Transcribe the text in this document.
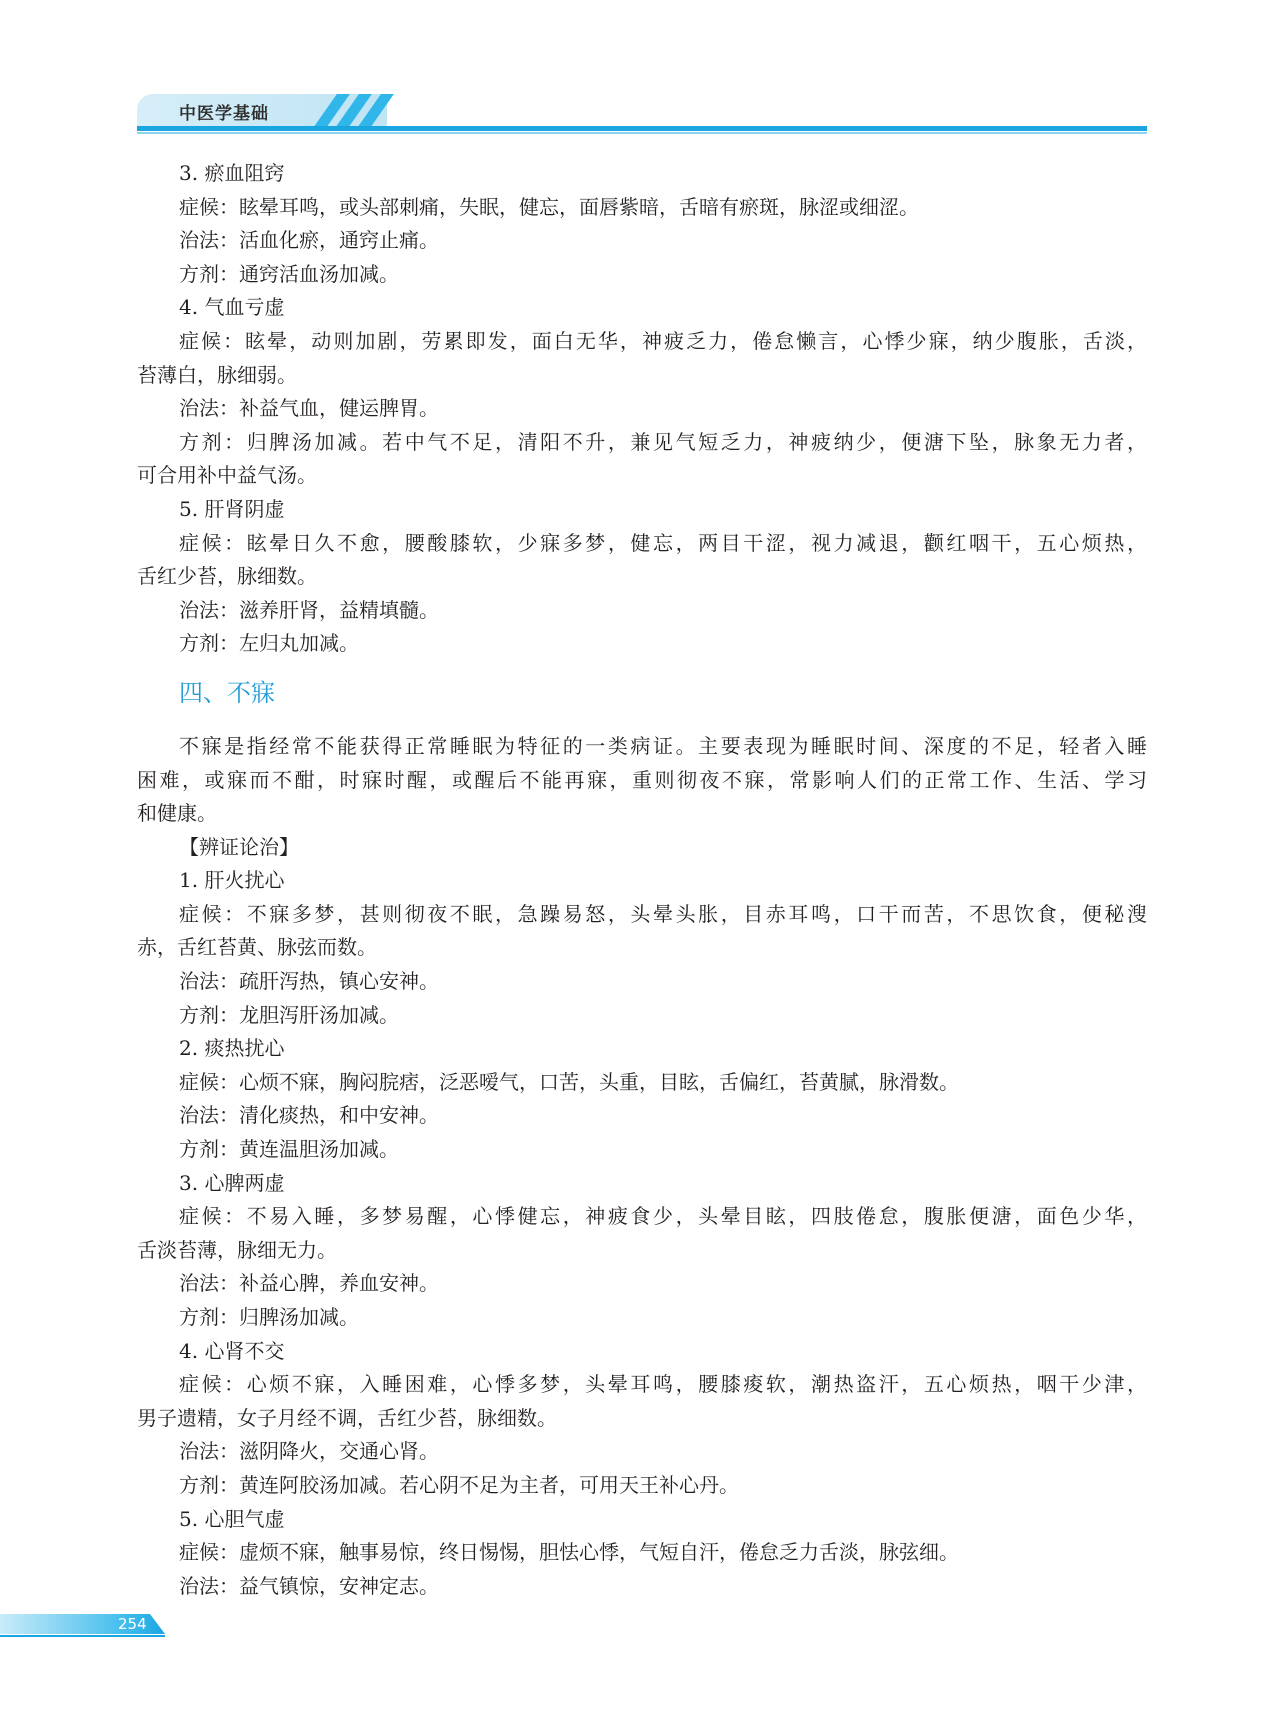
中医学基础
3. 瘀血阻窍
症候：眩晕耳鸣，或头部刺痛，失眠，健忘，面唇紫暗，舌暗有瘀斑，脉涩或细涩。
治法：活血化瘀，通窍止痛。
方剂：通窍活血汤加减。
4. 气血亏虚
症候：眩晕，动则加剧，劳累即发，面白无华，神疲乏力，倦怠懒言，心悸少寐，纳少腹胀，舌淡，
苔薄白，脉细弱。
治法：补益气血，健运脾胃。
方剂：归脾汤加减。若中气不足，清阳不升，兼见气短乏力，神疲纳少，便溏下坠，脉象无力者，
可合用补中益气汤。
5. 肝肾阴虚
症候：眩晕日久不愈，腰酸膝软，少寐多梦，健忘，两目干涩，视力减退，颧红咽干，五心烦热，
舌红少苔，脉细数。
治法：滋养肝肾，益精填髓。
方剂：左归丸加减。
四、不寐
不寐是指经常不能获得正常睡眠为特征的一类病证。主要表现为睡眠时间、深度的不足，轻者入睡
困难，或寐而不酣，时寐时醒，或醒后不能再寐，重则彻夜不寐，常影响人们的正常工作、生活、学习
和健康。
【辨证论治】
1. 肝火扰心
症候：不寐多梦，甚则彻夜不眠，急躁易怒，头晕头胀，目赤耳鸣，口干而苦，不思饮食，便秘溲
赤，舌红苔黄、脉弦而数。
治法：疏肝泻热，镇心安神。
方剂：龙胆泻肝汤加减。
2. 痰热扰心
症候：心烦不寐，胸闷脘痞，泛恶嗳气，口苦，头重，目眩，舌偏红，苔黄腻，脉滑数。
治法：清化痰热，和中安神。
方剂：黄连温胆汤加减。
3. 心脾两虚
症候：不易入睡，多梦易醒，心悸健忘，神疲食少，头晕目眩，四肢倦怠，腹胀便溏，面色少华，
舌淡苔薄，脉细无力。
治法：补益心脾，养血安神。
方剂：归脾汤加减。
4. 心肾不交
症候：心烦不寐，入睡困难，心悸多梦，头晕耳鸣，腰膝痠软，潮热盗汗，五心烦热，咽干少津，
男子遗精，女子月经不调，舌红少苔，脉细数。
治法：滋阴降火，交通心肾。
方剂：黄连阿胶汤加减。若心阴不足为主者，可用天王补心丹。
5. 心胆气虚
症候：虚烦不寐，触事易惊，终日惕惕，胆怯心悸，气短自汗，倦怠乏力舌淡，脉弦细。
治法：益气镇惊，安神定志。
254
